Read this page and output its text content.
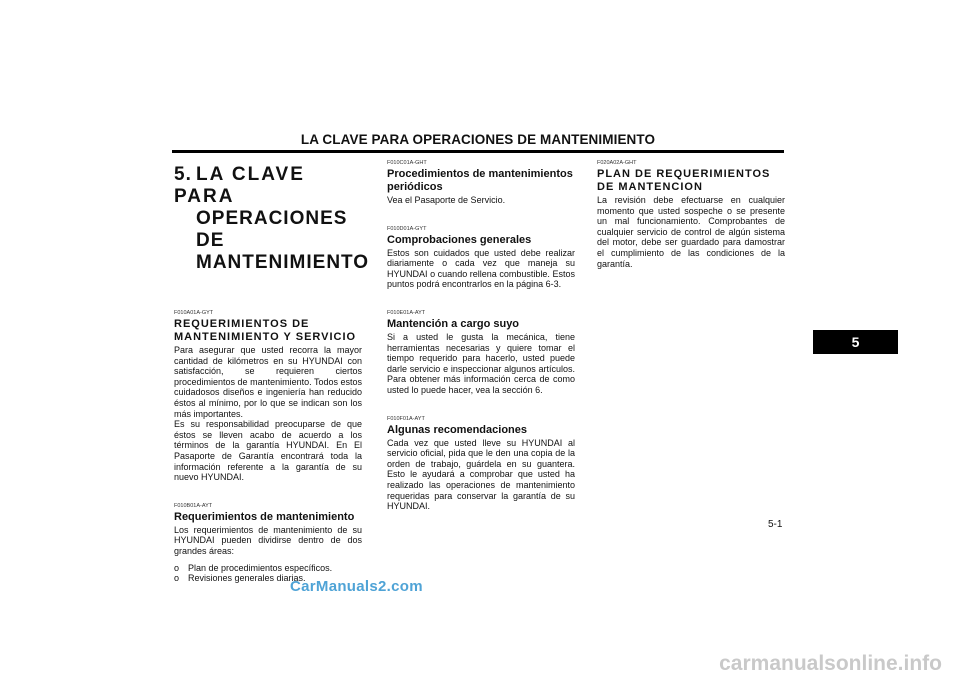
LA CLAVE PARA OPERACIONES DE MANTENIMIENTO
5. LA CLAVE PARA
OPERACIONES DE
MANTENIMIENTO

F010A01A-GYT

REQUERIMIENTOS DE MANTENIMIENTO Y SERVICIO

Para asegurar que usted recorra la mayor cantidad de kilómetros en su HYUNDAI con satisfacción, se requieren ciertos procedimientos de mantenimiento. Todos estos cuidadosos diseños e ingeniería han reducido éstos al mínimo, por lo que se indican son los más importantes.

Es su responsabilidad preocuparse de que éstos se lleven acabo de acuerdo a los términos de la garantía HYUNDAI. En El Pasaporte de Garantía encontrará toda la información referente a la garantía de su nuevo HYUNDAI.

F010B01A-AYT

Requerimientos de mantenimiento

Los requerimientos de mantenimiento de su HYUNDAI pueden dividirse dentro de dos grandes áreas:

o Plan de procedimientos específicos.
o Revisiones generales diarias.

F010C01A-GHT

Procedimientos de mantenimientos periódicos

Vea el Pasaporte de Servicio.

F010D01A-GYT

Comprobaciones generales

Estos son cuidados que usted debe realizar diariamente o cada vez que maneja su HYUNDAI o cuando rellena combustible. Estos puntos podrá encontrarlos en la página 6-3.

F010E01A-AYT

Mantención a cargo suyo

Si a usted le gusta la mecánica, tiene herramientas necesarias y quiere tomar el tiempo requerido para hacerlo, usted puede darle servicio e inspeccionar algunos artículos. Para obtener más información cerca de como usted lo puede hacer, vea la sección 6.

F010F01A-AYT

Algunas recomendaciones

Cada vez que usted lleve su HYUNDAI al servicio oficial, pida que le den una copia de la orden de trabajo, guárdela en su guantera. Esto le ayudará a comprobar que usted ha realizado las operaciones de mantenimiento requeridas para conservar la garantía de su HYUNDAI.

F020A02A-GHT

PLAN DE REQUERIMIENTOS DE MANTENCION

La revisión debe efectuarse en cualquier momento que usted sospeche o se presente un mal funcionamiento. Comprobantes de cualquier servicio de control de algún sistema del motor, debe ser guardado para damostrar el cumplimiento de las condiciones de la garantía.

5
5-1
CarManuals2.com
carmanualsonline.info
